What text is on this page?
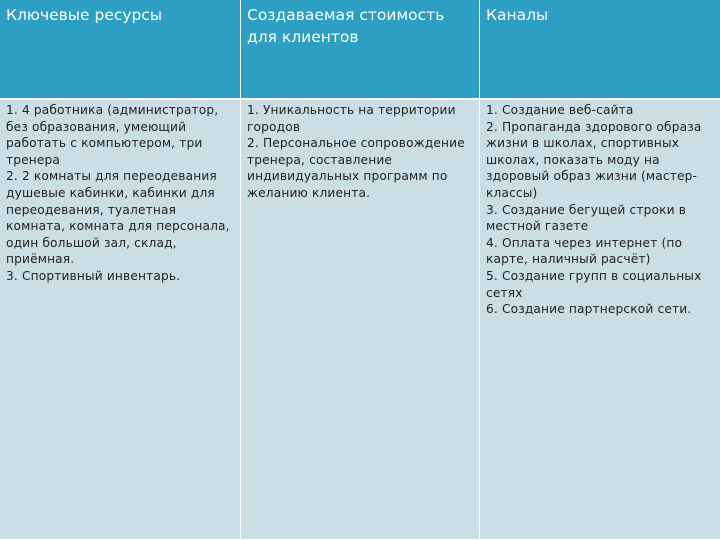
Ключевые ресурсы	Создаваемая стоимость для клиентов
Каналы
1. 4 работника (администратор, без образования, умеющий работать с компьютером, три тренера
2. 2 комнаты для переодевания душевые кабинки, кабинки для переодевания, туалетная комната, комната для персонала, один большой зал, склад, приёмная.
3. Спортивный инвентарь.
1. Уникальность на территории городов
2. Персональное сопровождение тренера, составление индивидуальных программ по желанию клиента.
1. Создание веб-сайта
2. Пропаганда здорового образа жизни в школах, спортивных школах, показать моду на здоровый образ жизни (мастер-классы)
3. Создание бегущей строки в местной газете
4. Оплата через интернет (по карте, наличный расчёт)
5. Создание групп в социальных сетях
6. Создание партнерской сети.
